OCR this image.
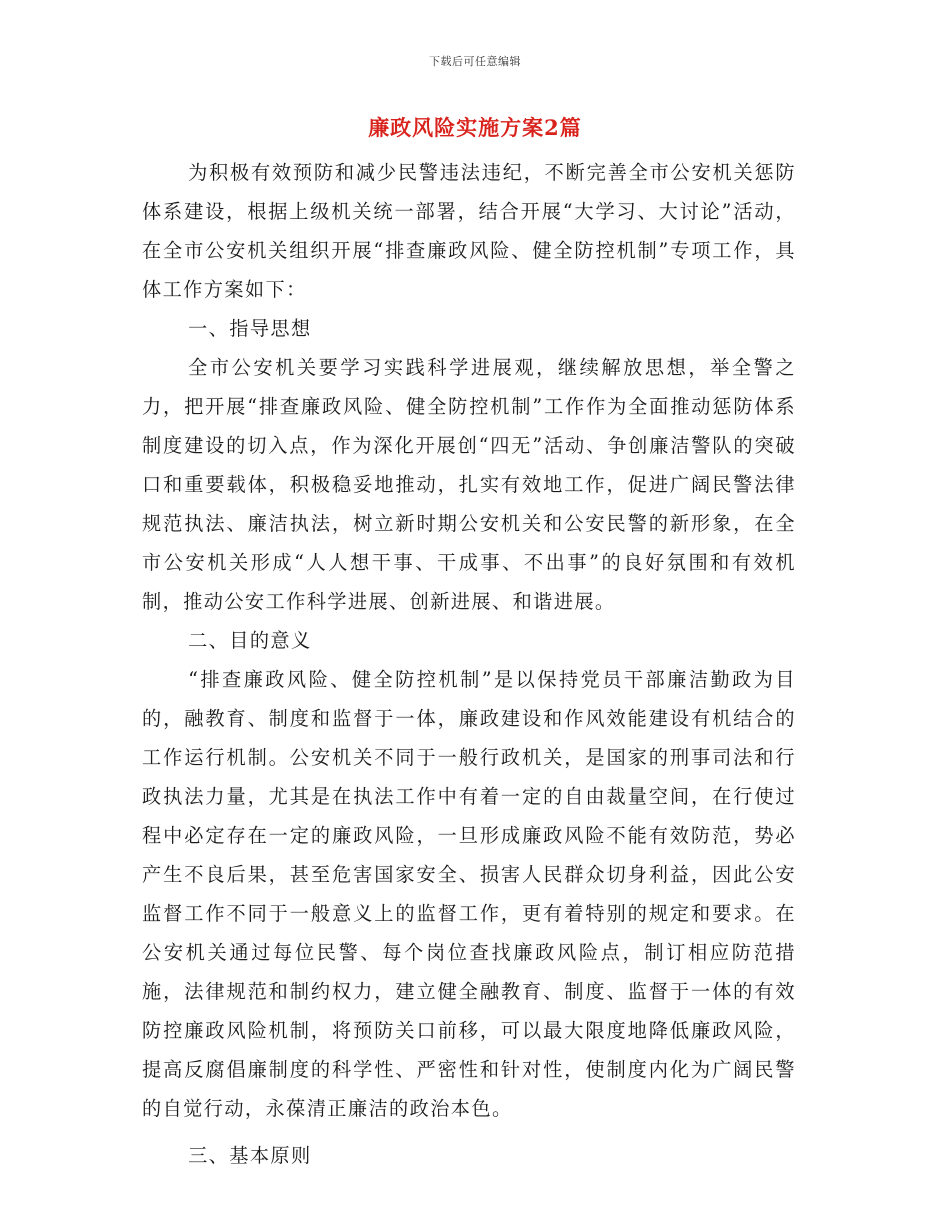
下载后可任意编辑
廉政风险实施方案2篇

为积极有效预防和减少民警违法违纪，不断完善全市公安机关惩防体系建设，根据上级机关统一部署，结合开展“大学习、大讨论”活动，在全市公安机关组织开展“排查廉政风险、健全防控机制”专项工作，具体工作方案如下：

一、指导思想

全市公安机关要学习实践科学进展观，继续解放思想，举全警之力，把开展“排查廉政风险、健全防控机制”工作作为全面推动惩防体系制度建设的切入点，作为深化开展创“四无”活动、争创廉洁警队的突破口和重要载体，积极稳妥地推动，扎实有效地工作，促进广阔民警法律规范执法、廉洁执法，树立新时期公安机关和公安民警的新形象，在全市公安机关形成“人人想干事、干成事、不出事”的良好氛围和有效机制，推动公安工作科学进展、创新进展、和谐进展。

二、目的意义

“排查廉政风险、健全防控机制”是以保持党员干部廉洁勤政为目的，融教育、制度和监督于一体，廉政建设和作风效能建设有机结合的工作运行机制。公安机关不同于一般行政机关，是国家的刑事司法和行政执法力量，尤其是在执法工作中有着一定的自由裁量空间，在行使过程中必定存在一定的廉政风险，一旦形成廉政风险不能有效防范，势必产生不良后果，甚至危害国家安全、损害人民群众切身利益，因此公安监督工作不同于一般意义上的监督工作，更有着特别的规定和要求。在公安机关通过每位民警、每个岗位查找廉政风险点，制订相应防范措施，法律规范和制约权力，建立健全融教育、制度、监督于一体的有效防控廉政风险机制，将预防关口前移，可以最大限度地降低廉政风险，提高反腐倡廉制度的科学性、严密性和针对性，使制度内化为广阔民警的自觉行动，永葆清正廉洁的政治本色。

三、基本原则
